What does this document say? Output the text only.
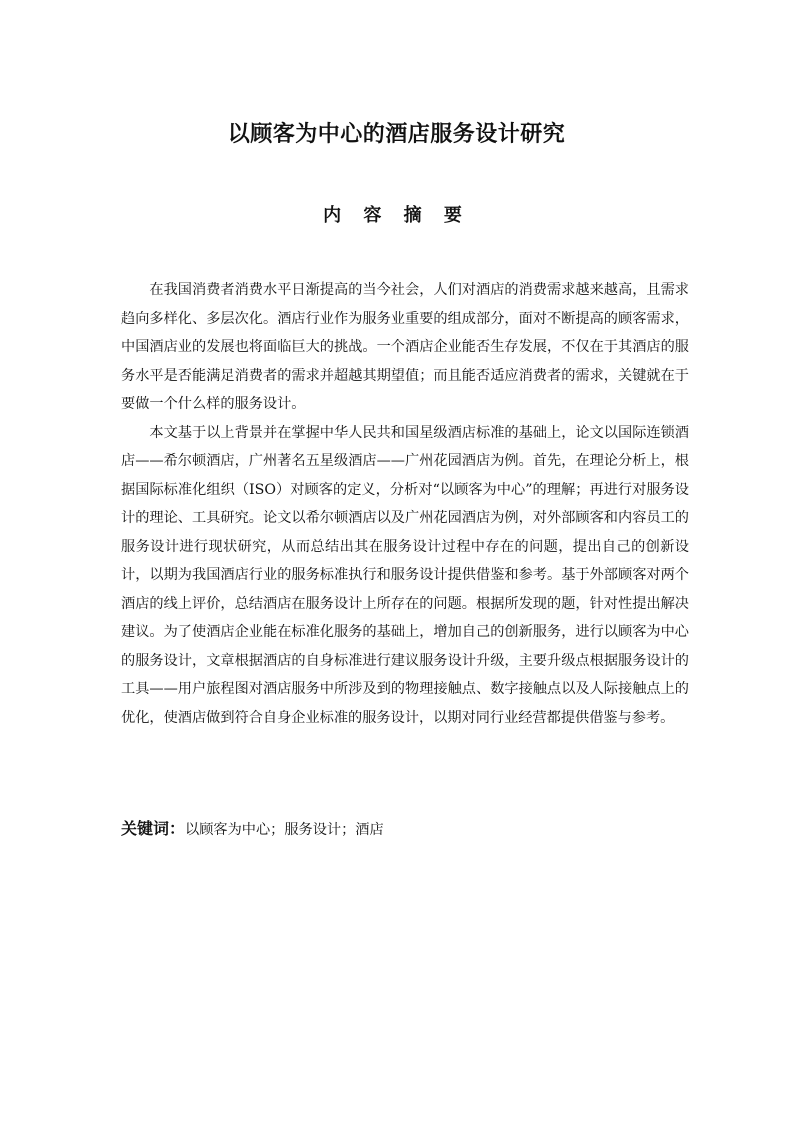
以顾客为中心的酒店服务设计研究
内 容 摘 要

在我国消费者消费水平日渐提高的当今社会，人们对酒店的消费需求越来越高，且需求趋向多样化、多层次化。酒店行业作为服务业重要的组成部分，面对不断提高的顾客需求，中国酒店业的发展也将面临巨大的挑战。一个酒店企业能否生存发展，不仅在于其酒店的服务水平是否能满足消费者的需求并超越其期望值；而且能否适应消费者的需求，关键就在于要做一个什么样的服务设计。

本文基于以上背景并在掌握中华人民共和国星级酒店标准的基础上，论文以国际连锁酒店——希尔顿酒店，广州著名五星级酒店——广州花园酒店为例。首先，在理论分析上，根据国际标准化组织（ISO）对顾客的定义，分析对“以顾客为中心”的理解；再进行对服务设计的理论、工具研究。论文以希尔顿酒店以及广州花园酒店为例，对外部顾客和内容员工的服务设计进行现状研究，从而总结出其在服务设计过程中存在的问题，提出自己的创新设计，以期为我国酒店行业的服务标准执行和服务设计提供借鉴和参考。基于外部顾客对两个酒店的线上评价，总结酒店在服务设计上所存在的问题。根据所发现的题，针对性提出解决建议。为了使酒店企业能在标准化服务的基础上，增加自己的创新服务，进行以顾客为中心的服务设计，文章根据酒店的自身标准进行建议服务设计升级，主要升级点根据服务设计的工具——用户旅程图对酒店服务中所涉及到的物理接触点、数字接触点以及人际接触点上的优化，使酒店做到符合自身企业标准的服务设计，以期对同行业经营都提供借鉴与参考。

关键词：以顾客为中心；服务设计；酒店
